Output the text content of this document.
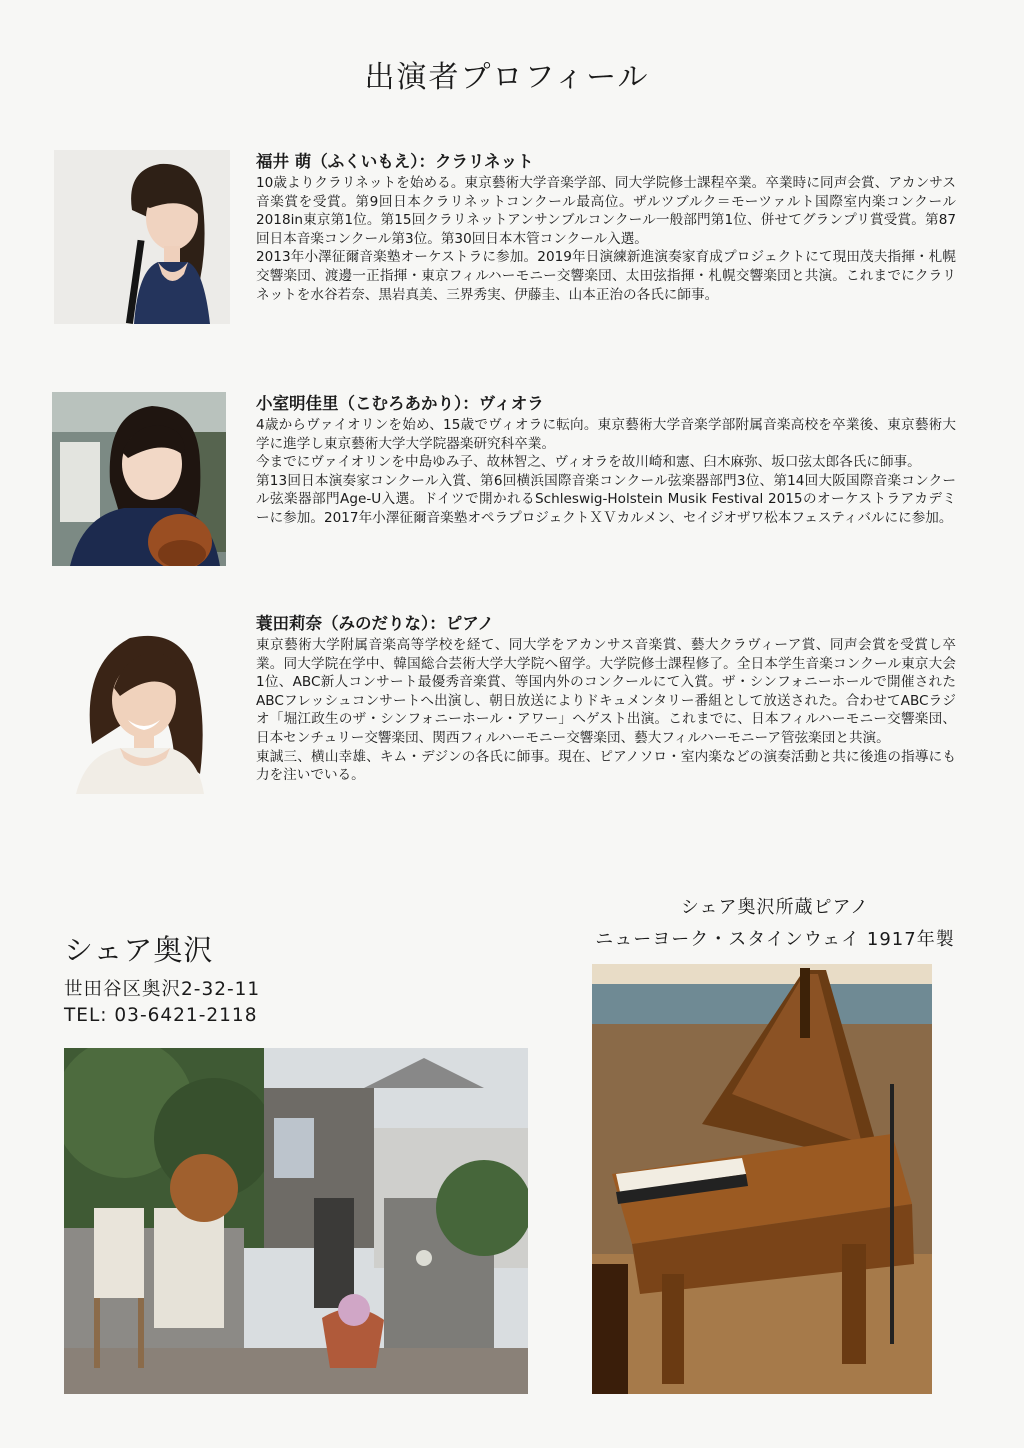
出演者プロフィール

福井 萌（ふくいもえ）：クラリネット

10歳よりクラリネットを始める。東京藝術大学音楽学部、同大学院修士課程卒業。卒業時に同声会賞、アカンサス音楽賞を受賞。第9回日本クラリネットコンクール最高位。ザルツブルク＝モーツァルト国際室内楽コンクール2018in東京第1位。第15回クラリネットアンサンブルコンクール一般部門第1位、併せてグランプリ賞受賞。第87回日本音楽コンクール第3位。第30回日本木管コンクール入選。

2013年小澤征爾音楽塾オーケストラに参加。2019年日演練新進演奏家育成プロジェクトにて現田茂夫指揮・札幌交響楽団、渡邊一正指揮・東京フィルハーモニー交響楽団、太田弦指揮・札幌交響楽団と共演。これまでにクラリネットを水谷若奈、黒岩真美、三界秀実、伊藤圭、山本正治の各氏に師事。

小室明佳里（こむろあかり）：ヴィオラ

4歳からヴァイオリンを始め、15歳でヴィオラに転向。東京藝術大学音楽学部附属音楽高校を卒業後、東京藝術大学に進学し東京藝術大学大学院器楽研究科卒業。

今までにヴァイオリンを中島ゆみ子、故林智之、ヴィオラを故川崎和憲、臼木麻弥、坂口弦太郎各氏に師事。

第13回日本演奏家コンクール入賞、第6回横浜国際音楽コンクール弦楽器部門3位、第14回大阪国際音楽コンクール弦楽器部門Age-U入選。ドイツで開かれるSchleswig-Holstein Musik Festival 2015のオーケストラアカデミーに参加。2017年小澤征爾音楽塾オペラプロジェクトＸＶカルメン、セイジオザワ松本フェスティバルにに参加。

蓑田莉奈（みのだりな）：ピアノ

東京藝術大学附属音楽高等学校を経て、同大学をアカンサス音楽賞、藝大クラヴィーア賞、同声会賞を受賞し卒業。同大学院在学中、韓国総合芸術大学大学院へ留学。大学院修士課程修了。全日本学生音楽コンクール東京大会1位、ABC新人コンサート最優秀音楽賞、等国内外のコンクールにて入賞。ザ・シンフォニーホールで開催されたABCフレッシュコンサートへ出演し、朝日放送によりドキュメンタリー番組として放送された。合わせてABCラジオ「堀江政生のザ・シンフォニーホール・アワー」へゲスト出演。これまでに、日本フィルハーモニー交響楽団、日本センチュリー交響楽団、関西フィルハーモニー交響楽団、藝大フィルハーモニーア管弦楽団と共演。

東誠三、横山幸雄、キム・デジンの各氏に師事。現在、ピアノソロ・室内楽などの演奏活動と共に後進の指導にも力を注いでいる。

シェア奥沢
世田谷区奥沢2-32-11
TEL: 03-6421-2118
シェア奥沢所蔵ピアノ
ニューヨーク・スタインウェイ 1917年製
